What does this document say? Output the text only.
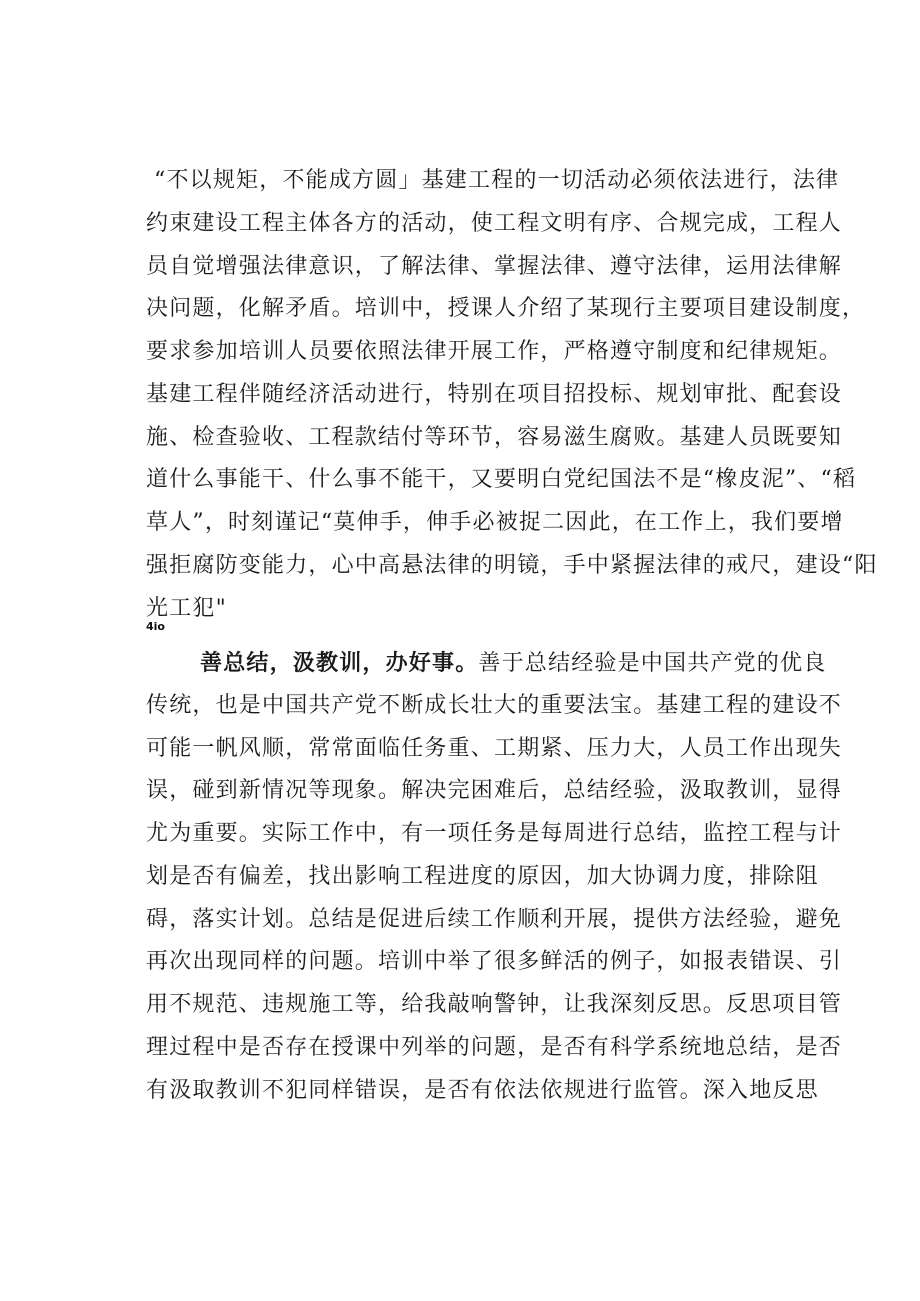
“不以规矩，不能成方圆」基建工程的一切活动必须依法进行，法律
约束建设工程主体各方的活动，使工程文明有序、合规完成，工程人
员自觉增强法律意识，了解法律、掌握法律、遵守法律，运用法律解
决问题，化解矛盾。培训中，授课人介绍了某现行主要项目建设制度，
要求参加培训人员要依照法律开展工作，严格遵守制度和纪律规矩。
基建工程伴随经济活动进行，特别在项目招投标、规划审批、配套设
施、检查验收、工程款结付等环节，容易滋生腐败。基建人员既要知
道什么事能干、什么事不能干，又要明白党纪国法不是“橡皮泥”、“稻
草人”，时刻谨记“莫伸手，伸手必被捉二因此，在工作上，我们要增
强拒腐防变能力，心中高悬法律的明镜，手中紧握法律的戒尺，建设“阳
光工犯"
4io
善总结，汲教训，办好事。善于总结经验是中国共产党的优良
传统，也是中国共产党不断成长壮大的重要法宝。基建工程的建设不
可能一帆风顺，常常面临任务重、工期紧、压力大，人员工作出现失
误，碰到新情况等现象。解决完困难后，总结经验，汲取教训，显得
尤为重要。实际工作中，有一项任务是每周进行总结，监控工程与计
划是否有偏差，找出影响工程进度的原因，加大协调力度，排除阻
碍，落实计划。总结是促进后续工作顺利开展，提供方法经验，避免
再次出现同样的问题。培训中举了很多鲜活的例子，如报表错误、引
用不规范、违规施工等，给我敲响警钟，让我深刻反思。反思项目管
理过程中是否存在授课中列举的问题，是否有科学系统地总结，是否
有汲取教训不犯同样错误，是否有依法依规进行监管。深入地反思
